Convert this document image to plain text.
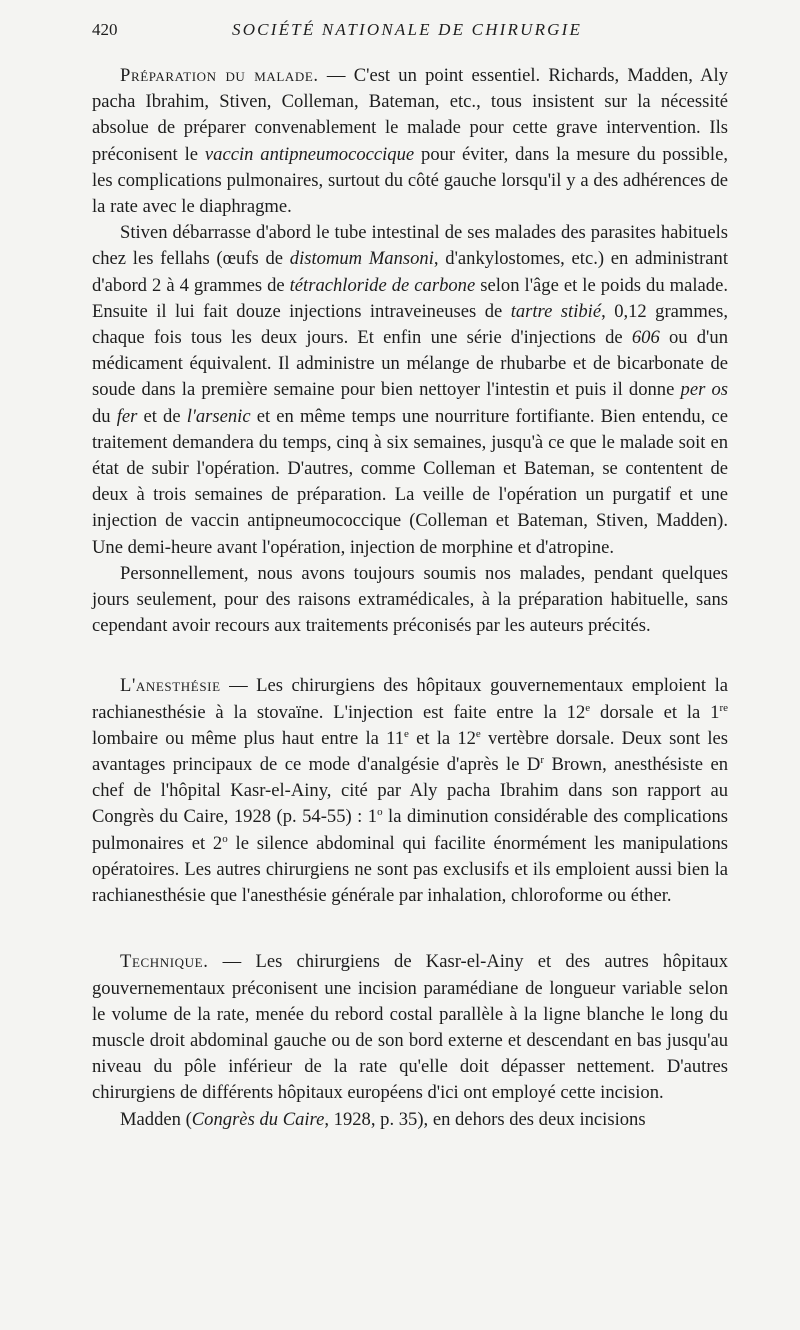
420	SOCIÉTÉ NATIONALE DE CHIRURGIE

Préparation du malade. — C'est un point essentiel. Richards, Madden, Aly pacha Ibrahim, Stiven, Colleman, Bateman, etc., tous insistent sur la nécessité absolue de préparer convenablement le malade pour cette grave intervention. Ils préconisent le vaccin antipneumococcique pour éviter, dans la mesure du possible, les complications pulmonaires, surtout du côté gauche lorsqu'il y a des adhérences de la rate avec le diaphragme.

Stiven débarrasse d'abord le tube intestinal de ses malades des parasites habituels chez les fellahs (œufs de distomum Mansoni, d'ankylostomes, etc.) en administrant d'abord 2 à 4 grammes de tétrachloride de carbone selon l'âge et le poids du malade. Ensuite il lui fait douze injections intraveineuses de tartre stibié, 0,12 grammes, chaque fois tous les deux jours. Et enfin une série d'injections de 606 ou d'un médicament équivalent. Il administre un mélange de rhubarbe et de bicarbonate de soude dans la première semaine pour bien nettoyer l'intestin et puis il donne per os du fer et de l'arsenic et en même temps une nourriture fortifiante. Bien entendu, ce traitement demandera du temps, cinq à six semaines, jusqu'à ce que le malade soit en état de subir l'opération. D'autres, comme Colleman et Bateman, se contentent de deux à trois semaines de préparation. La veille de l'opération un purgatif et une injection de vaccin antipneumococcique (Colleman et Bateman, Stiven, Madden). Une demi-heure avant l'opération, injection de morphine et d'atropine.

Personnellement, nous avons toujours soumis nos malades, pendant quelques jours seulement, pour des raisons extramédicales, à la préparation habituelle, sans cependant avoir recours aux traitements préconisés par les auteurs précités.

L'anesthésie — Les chirurgiens des hôpitaux gouvernementaux emploient la rachianesthésie à la stovaïne. L'injection est faite entre la 12e dorsale et la 1re lombaire ou même plus haut entre la 11e et la 12e vertèbre dorsale. Deux sont les avantages principaux de ce mode d'analgésie d'après le $D^r$ Brown, anesthésiste en chef de l'hôpital Kasr-el-Ainy, cité par Aly pacha Ibrahim dans son rapport au Congrès du Caire, 1928 (p. 54-55) : 1$^o$ la diminution considérable des complications pulmonaires et 2$^o$ le silence abdominal qui facilite énormément les manipulations opératoires. Les autres chirurgiens ne sont pas exclusifs et ils emploient aussi bien la rachianesthésie que l'anesthésie générale par inhalation, chloroforme ou éther.

Technique. — Les chirurgiens de Kasr-el-Ainy et des autres hôpitaux gouvernementaux préconisent une incision paramédiane de longueur variable selon le volume de la rate, menée du rebord costal parallèle à la ligne blanche le long du muscle droit abdominal gauche ou de son bord externe et descendant en bas jusqu'au niveau du pôle inférieur de la rate qu'elle doit dépasser nettement. D'autres chirurgiens de différents hôpitaux européens d'ici ont employé cette incision.

Madden (Congrès du Caire, 1928, p. 35), en dehors des deux incisions
